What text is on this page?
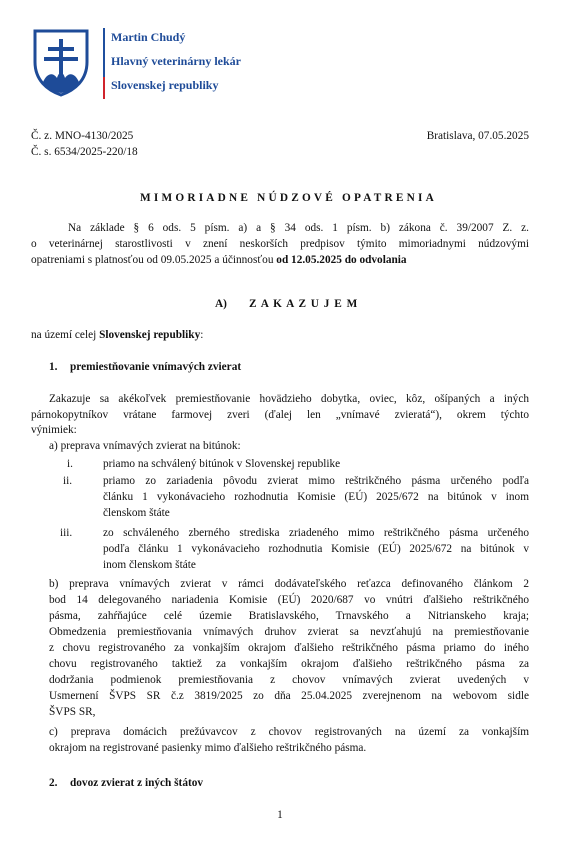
Martin Chudý
Hlavný veterinárny lekár
Slovenskej republiky
Č. z. MNO-4130/2025
Č. s. 6534/2025-220/18
Bratislava, 07.05.2025
MIMORIADNE NÚDZOVÉ OPATRENIA
Na základe § 6 ods. 5 písm. a) a § 34 ods. 1 písm. b) zákona č. 39/2007 Z. z.
o veterinárnej starostlivosti v znení neskorších predpisov týmito mimoriadnymi núdzovými
opatreniami s platnosťou od 09.05.2025 a účinnosťou od 12.05.2025 do odvolania
A) Z A K A Z U J E M
na území celej Slovenskej republiky:
1. premiestňovanie vnímavých zvierat
Zakazuje sa akékoľvek premiestňovanie hovädzieho dobytka, oviec, kôz, ošípaných a iných
párnokopytníkov vrátane farmovej zveri (ďalej len „vnímavé zvieratá“), okrem týchto
výnimiek:
a) preprava vnímavých zvierat na bitúnok:
i.	priamo na schválený bitúnok v Slovenskej republike
ii.	priamo zo zariadenia pôvodu zvierat mimo reštrikčného pásma určeného podľa
článku 1 vykonávacieho rozhodnutia Komisie (EÚ) 2025/672 na bitúnok v inom
členskom štáte
iii.	zo schváleného zberného strediska zriadeného mimo reštrikčného pásma určeného
podľa článku 1 vykonávacieho rozhodnutia Komisie (EÚ) 2025/672 na bitúnok v
inom členskom štáte
b) preprava vnímavých zvierat v rámci dodávateľského reťazca definovaného článkom 2
bod 14 delegovaného nariadenia Komisie (EÚ) 2020/687 vo vnútri ďalšieho reštrikčného
pásma, zahŕňajúce celé územie Bratislavského, Trnavského a Nitrianskeho kraja;
Obmedzenia premiestňovania vnímavých druhov zvierat sa nevzťahujú na premiestňovanie
z chovu registrovaného za vonkajším okrajom ďalšieho reštrikčného pásma priamo do iného
chovu registrovaného taktiež za vonkajším okrajom ďalšieho reštrikčného pásma za
dodržania podmienok premiestňovania z chovov vnímavých zvierat uvedených v
Usmernení ŠVPS SR č.z 3819/2025 zo dňa 25.04.2025 zverejnenom na webovom sidle
ŠVPS SR,
c) preprava domácich prežúvavcov z chovov registrovaných na území za vonkajším
okrajom na registrované pasienky mimo ďalšieho reštrikčného pásma.
2. dovoz zvierat z iných štátov
1
